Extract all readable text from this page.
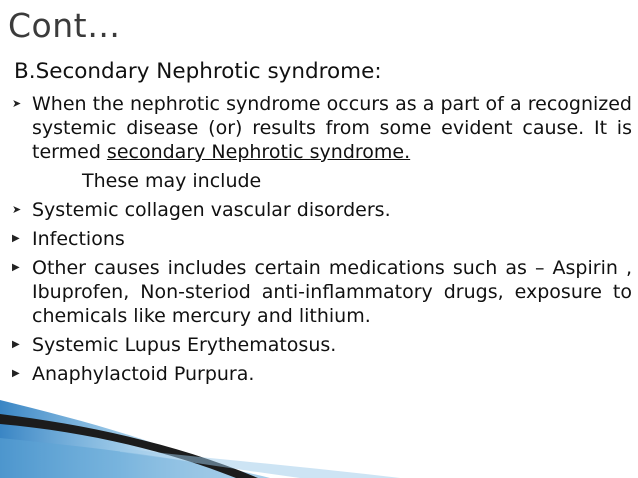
Cont…
B.Secondary Nephrotic syndrome:
➤ When the nephrotic syndrome occurs as a part of a recognized systemic disease (or) results from some evident cause. It is termed secondary Nephrotic syndrome.
These may include
➤ Systemic collagen vascular disorders.
▶ Infections
▶ Other causes includes certain medications such as – Aspirin , Ibuprofen, Non-steriod anti-inflammatory drugs, exposure to chemicals like mercury and lithium.
▶ Systemic Lupus Erythematosus.
▶ Anaphylactoid Purpura.
